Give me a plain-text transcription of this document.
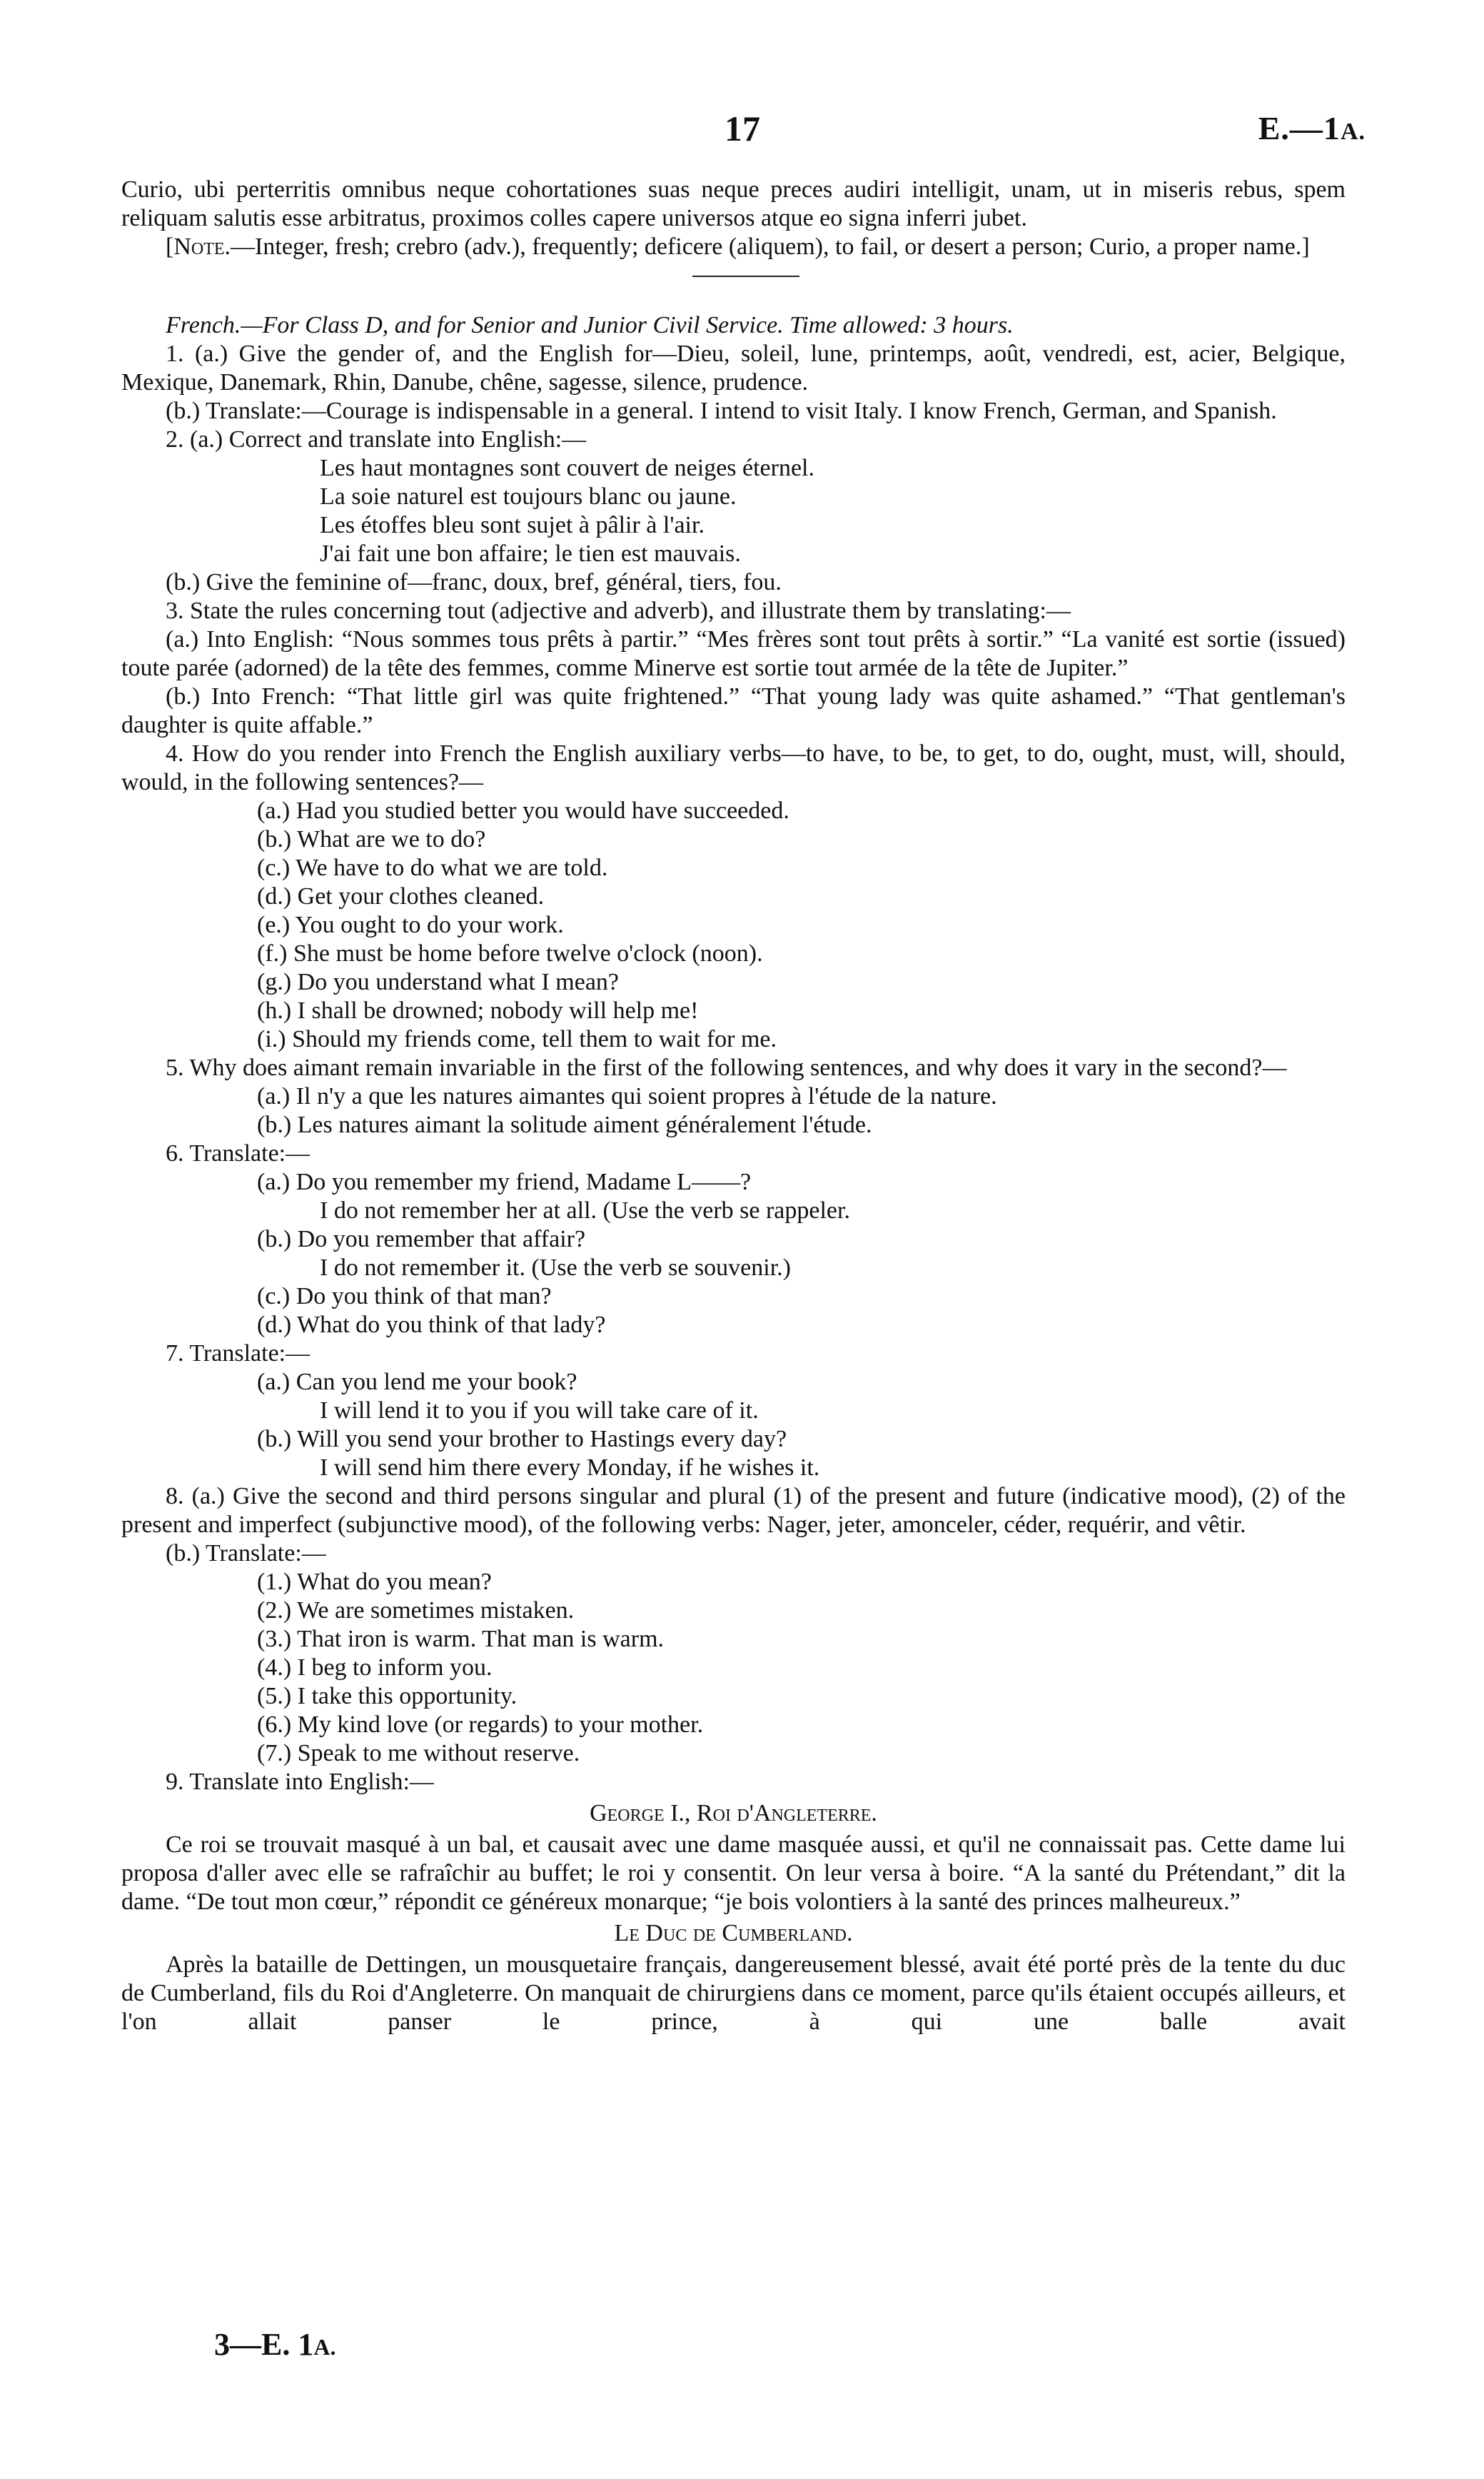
17	E.—1A.

Curio, ubi perterritis omnibus neque cohortationes suas neque preces audiri intelligit, unam, ut in miseris rebus, spem reliquam salutis esse arbitratus, proximos colles capere universos atque eo signa inferri jubet.

[Note.—Integer, fresh; crebro (adv.), frequently; deficere (aliquem), to fail, or desert a person; Curio, a proper name.]

French.—For Class D, and for Senior and Junior Civil Service. Time allowed: 3 hours.

1. (a.) Give the gender of, and the English for—Dieu, soleil, lune, printemps, août, vendredi, est, acier, Belgique, Mexique, Danemark, Rhin, Danube, chêne, sagesse, silence, prudence.

(b.) Translate:—Courage is indispensable in a general. I intend to visit Italy. I know French, German, and Spanish.

2. (a.) Correct and translate into English:—

Les haut montagnes sont couvert de neiges éternel.

La soie naturel est toujours blanc ou jaune.

Les étoffes bleu sont sujet à pâlir à l'air.

J'ai fait une bon affaire; le tien est mauvais.

(b.) Give the feminine of—franc, doux, bref, général, tiers, fou.

3. State the rules concerning tout (adjective and adverb), and illustrate them by translating:—

(a.) Into English: “Nous sommes tous prêts à partir.” “Mes frères sont tout prêts à sortir.” “La vanité est sortie (issued) toute parée (adorned) de la tête des femmes, comme Minerve est sortie tout armée de la tête de Jupiter.”

(b.) Into French: “That little girl was quite frightened.” “That young lady was quite ashamed.” “That gentleman's daughter is quite affable.”

4. How do you render into French the English auxiliary verbs—to have, to be, to get, to do, ought, must, will, should, would, in the following sentences?—

(a.) Had you studied better you would have succeeded.

(b.) What are we to do?

(c.) We have to do what we are told.

(d.) Get your clothes cleaned.

(e.) You ought to do your work.

(f.) She must be home before twelve o'clock (noon).

(g.) Do you understand what I mean?

(h.) I shall be drowned; nobody will help me!

(i.) Should my friends come, tell them to wait for me.

5. Why does aimant remain invariable in the first of the following sentences, and why does it vary in the second?—

(a.) Il n'y a que les natures aimantes qui soient propres à l'étude de la nature.

(b.) Les natures aimant la solitude aiment généralement l'étude.

6. Translate:—

(a.) Do you remember my friend, Madame L——?

I do not remember her at all. (Use the verb se rappeler.

(b.) Do you remember that affair?

I do not remember it. (Use the verb se souvenir.)

(c.) Do you think of that man?

(d.) What do you think of that lady?

7. Translate:—

(a.) Can you lend me your book?

I will lend it to you if you will take care of it.

(b.) Will you send your brother to Hastings every day?

I will send him there every Monday, if he wishes it.

8. (a.) Give the second and third persons singular and plural (1) of the present and future (indicative mood), (2) of the present and imperfect (subjunctive mood), of the following verbs: Nager, jeter, amonceler, céder, requérir, and vêtir.

(b.) Translate:—

(1.) What do you mean?

(2.) We are sometimes mistaken.

(3.) That iron is warm. That man is warm.

(4.) I beg to inform you.

(5.) I take this opportunity.

(6.) My kind love (or regards) to your mother.

(7.) Speak to me without reserve.

9. Translate into English:—

George I., Roi d'Angleterre.

Ce roi se trouvait masqué à un bal, et causait avec une dame masquée aussi, et qu'il ne connaissait pas. Cette dame lui proposa d'aller avec elle se rafraîchir au buffet; le roi y consentit. On leur versa à boire. “A la santé du Prétendant,” dit la dame. “De tout mon cœur,” répondit ce généreux monarque; “je bois volontiers à la santé des princes malheureux.”

Le Duc de Cumberland.

Après la bataille de Dettingen, un mousquetaire français, dangereusement blessé, avait été porté près de la tente du duc de Cumberland, fils du Roi d'Angleterre. On manquait de chirurgiens dans ce moment, parce qu'ils étaient occupés ailleurs, et l'on allait panser le prince, à qui une balle avait

3—E. 1A.
